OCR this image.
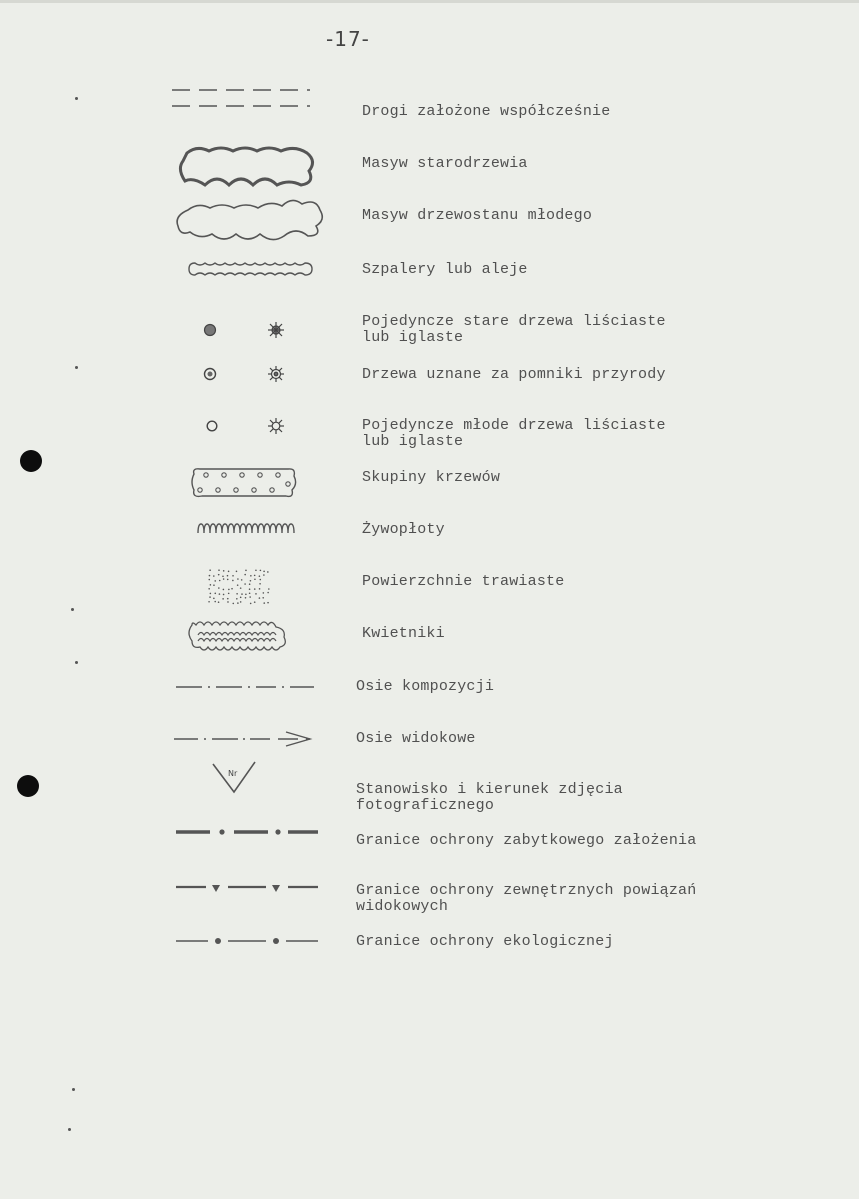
-17-
Drogi założone współcześnie
Masyw starodrzewia
Masyw drzewostanu młodego
Szpalery lub aleje
Pojedyncze stare drzewa liściaste
lub iglaste
Drzewa uznane za pomniki przyrody
Pojedyncze młode drzewa liściaste
lub iglaste
Skupiny krzewów
Żywopłoty
Powierzchnie trawiaste
Kwietniki
Osie kompozycji
Osie widokowe
Nr
Stanowisko i kierunek zdjęcia
fotograficznego
Granice ochrony zabytkowego założenia
Granice ochrony zewnętrznych powiązań
widokowych
Granice ochrony ekologicznej
